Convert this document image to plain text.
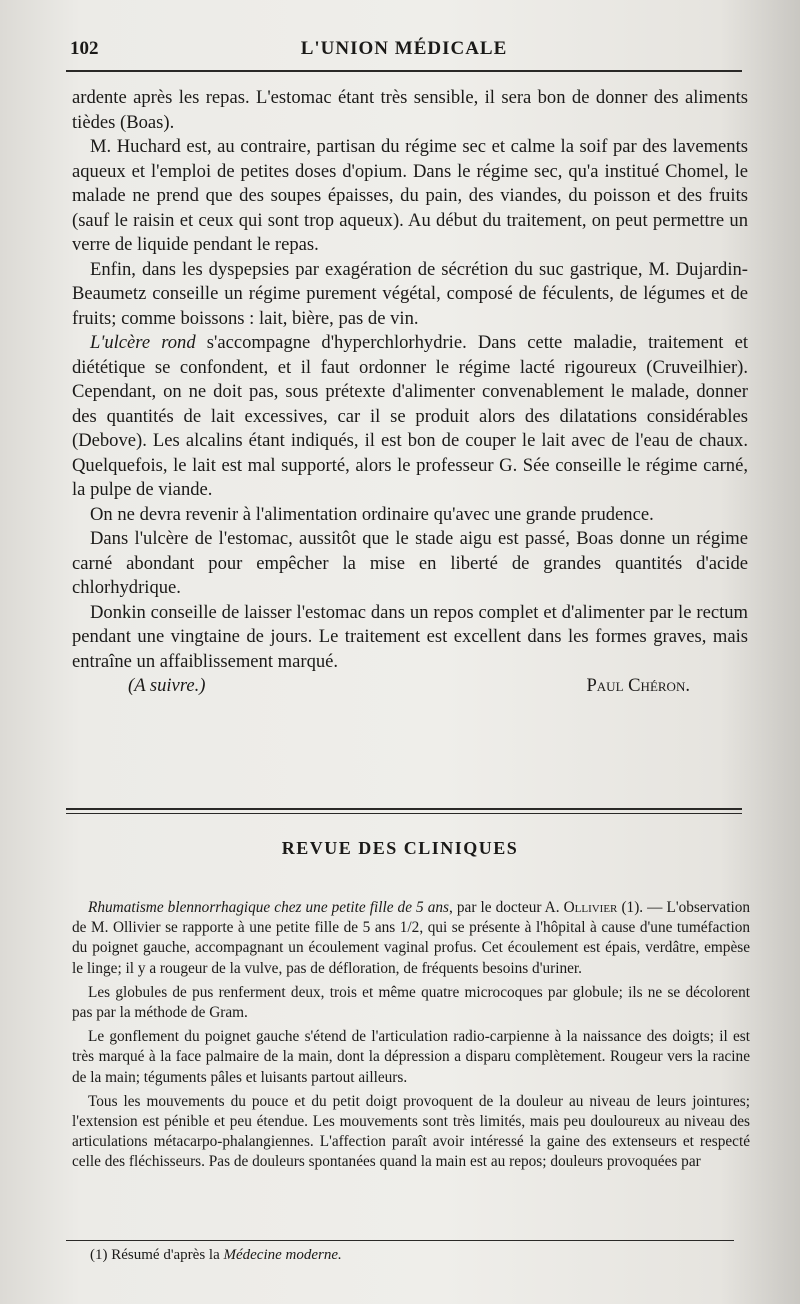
102	L'UNION MÉDICALE

ardente après les repas. L'estomac étant très sensible, il sera bon de donner des aliments tièdes (Boas).

M. Huchard est, au contraire, partisan du régime sec et calme la soif par des lavements aqueux et l'emploi de petites doses d'opium. Dans le régime sec, qu'a institué Chomel, le malade ne prend que des soupes épaisses, du pain, des viandes, du poisson et des fruits (sauf le raisin et ceux qui sont trop aqueux). Au début du traitement, on peut permettre un verre de liquide pendant le repas.

Enfin, dans les dyspepsies par exagération de sécrétion du suc gastrique, M. Dujardin-Beaumetz conseille un régime purement végétal, composé de féculents, de légumes et de fruits; comme boissons : lait, bière, pas de vin.

L'ulcère rond s'accompagne d'hyperchlorhydrie. Dans cette maladie, traitement et diététique se confondent, et il faut ordonner le régime lacté rigoureux (Cruveilhier). Cependant, on ne doit pas, sous prétexte d'alimenter convenablement le malade, donner des quantités de lait excessives, car il se produit alors des dilatations considérables (Debove). Les alcalins étant indiqués, il est bon de couper le lait avec de l'eau de chaux. Quelquefois, le lait est mal supporté, alors le professeur G. Sée conseille le régime carné, la pulpe de viande.

On ne devra revenir à l'alimentation ordinaire qu'avec une grande prudence.

Dans l'ulcère de l'estomac, aussitôt que le stade aigu est passé, Boas donne un régime carné abondant pour empêcher la mise en liberté de grandes quantités d'acide chlorhydrique.

Donkin conseille de laisser l'estomac dans un repos complet et d'alimenter par le rectum pendant une vingtaine de jours. Le traitement est excellent dans les formes graves, mais entraîne un affaiblissement marqué.

(A suivre.)	Paul Chéron.
REVUE DES CLINIQUES

Rhumatisme blennorrhagique chez une petite fille de 5 ans, par le docteur A. Ollivier (1). — L'observation de M. Ollivier se rapporte à une petite fille de 5 ans 1/2, qui se présente à l'hôpital à cause d'une tuméfaction du poignet gauche, accompagnant un écoulement vaginal profus. Cet écoulement est épais, verdâtre, empèse le linge; il y a rougeur de la vulve, pas de défloration, de fréquents besoins d'uriner.

Les globules de pus renferment deux, trois et même quatre microcoques par globule; ils ne se décolorent pas par la méthode de Gram.

Le gonflement du poignet gauche s'étend de l'articulation radio-carpienne à la naissance des doigts; il est très marqué à la face palmaire de la main, dont la dépression a disparu complètement. Rougeur vers la racine de la main; téguments pâles et luisants partout ailleurs.

Tous les mouvements du pouce et du petit doigt provoquent de la douleur au niveau de leurs jointures; l'extension est pénible et peu étendue. Les mouvements sont très limités, mais peu douloureux au niveau des articulations métacarpo-phalangiennes. L'affection paraît avoir intéressé la gaine des extenseurs et respecté celle des fléchisseurs. Pas de douleurs spontanées quand la main est au repos; douleurs provoquées par

(1) Résumé d'après la Médecine moderne.
